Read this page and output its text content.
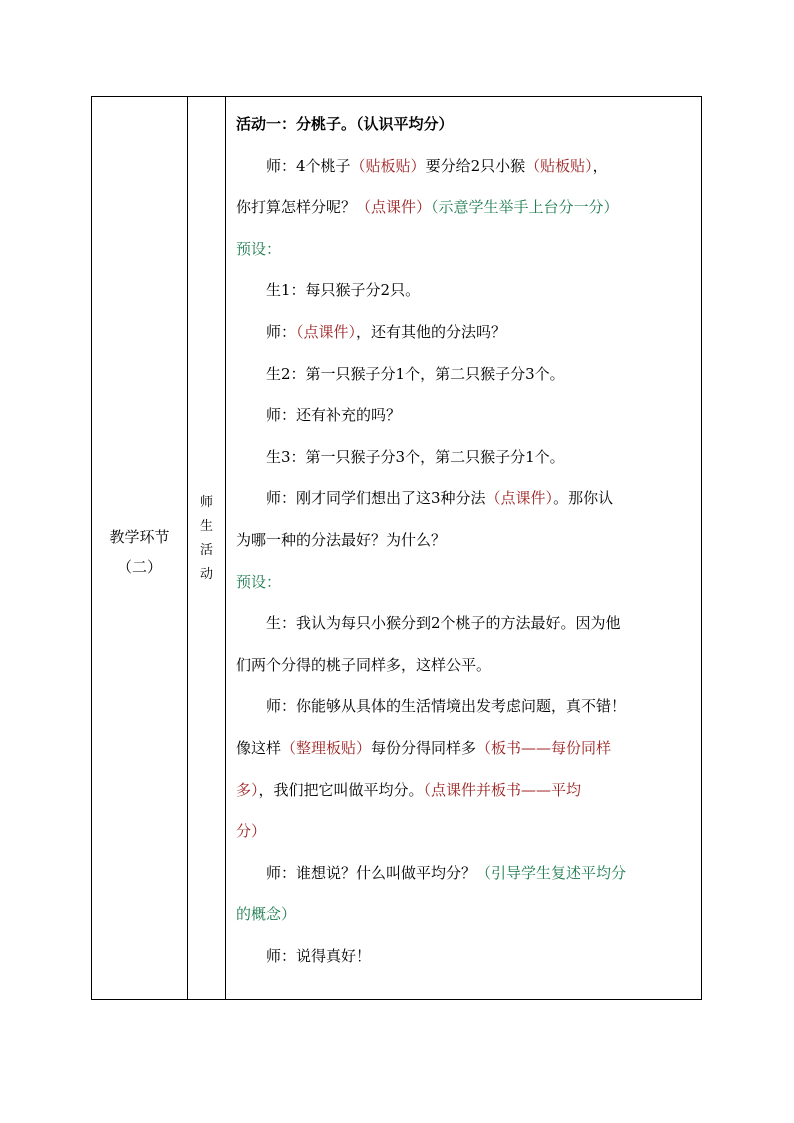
教学环节
（二）
师
生
活
动

活动一：分桃子。（认识平均分）

师：4个桃子（贴板贴）要分给2只小猴（贴板贴），

你打算怎样分呢？（点课件）（示意学生举手上台分一分）

预设：

生1：每只猴子分2只。

师：（点课件），还有其他的分法吗？

生2：第一只猴子分1个，第二只猴子分3个。

师：还有补充的吗？

生3：第一只猴子分3个，第二只猴子分1个。

师：刚才同学们想出了这3种分法（点课件）。那你认

为哪一种的分法最好？为什么？

预设：

生：我认为每只小猴分到2个桃子的方法最好。因为他

们两个分得的桃子同样多，这样公平。

师：你能够从具体的生活情境出发考虑问题，真不错！

像这样（整理板贴）每份分得同样多（板书——每份同样

多），我们把它叫做平均分。（点课件并板书——平均

分）

师：谁想说？什么叫做平均分？（引导学生复述平均分

的概念）

师：说得真好！
